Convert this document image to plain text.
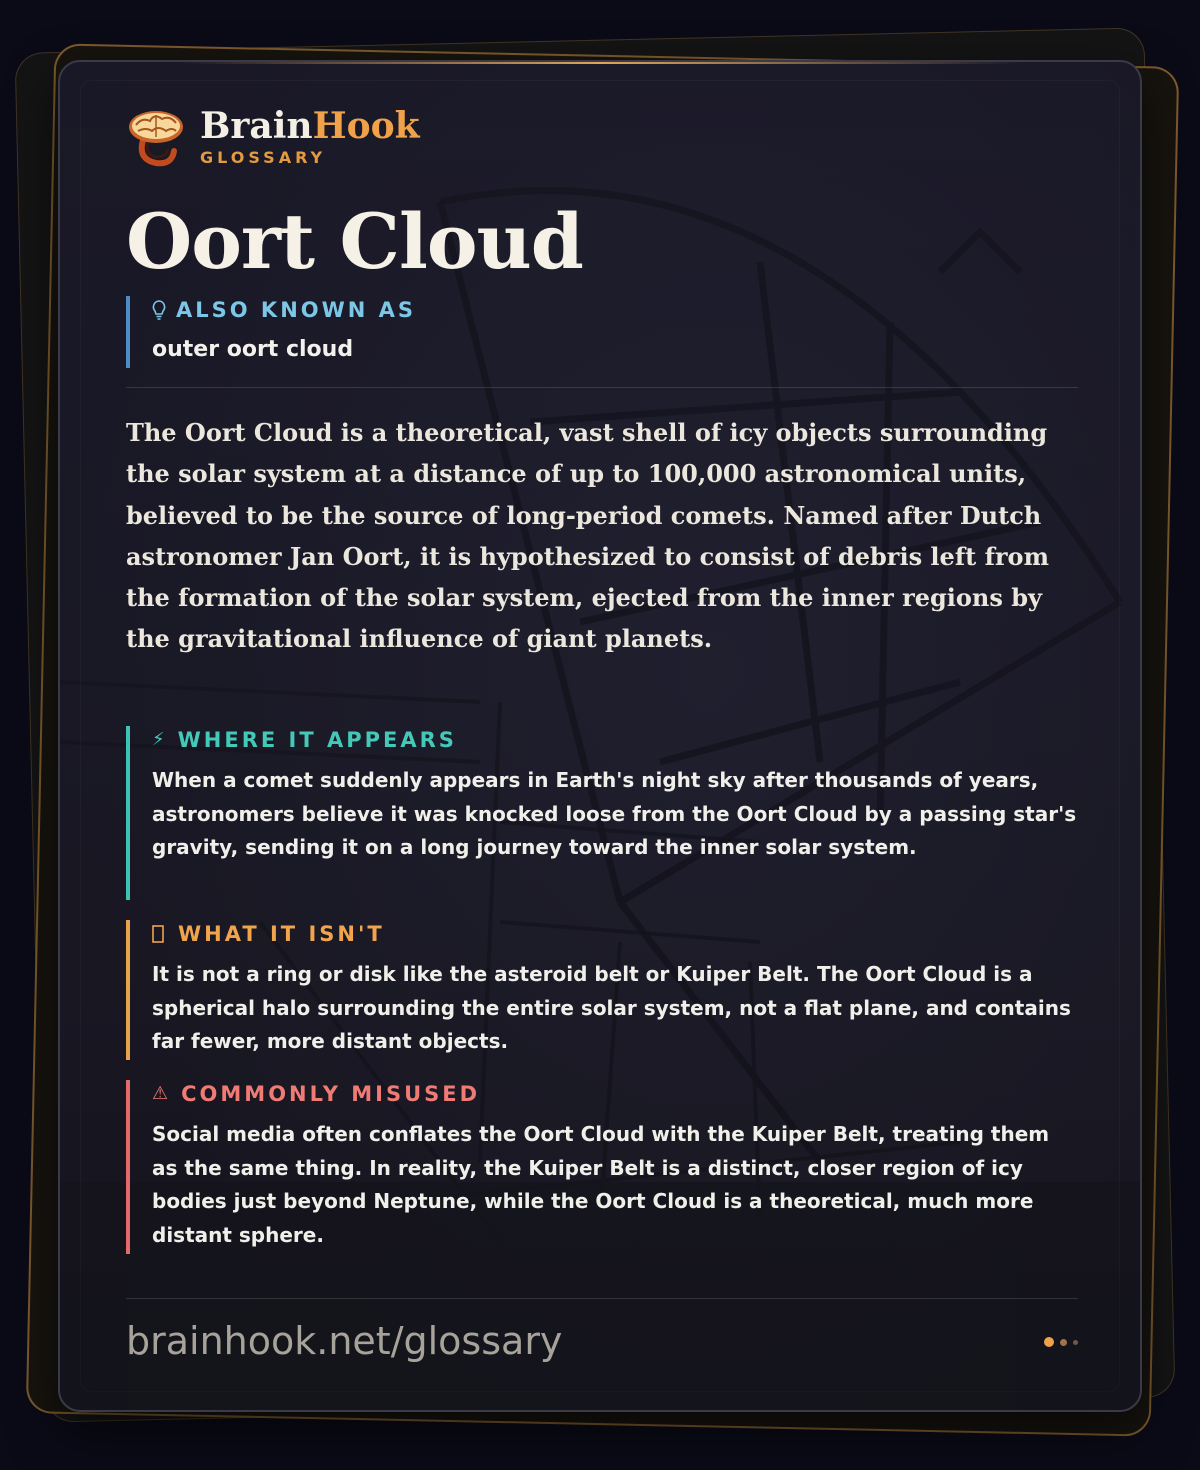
BrainHook
GLOSSARY
Oort Cloud
ALSO KNOWN AS
outer oort cloud

The Oort Cloud is a theoretical, vast shell of icy objects surrounding the solar system at a distance of up to 100,000 astronomical units, believed to be the source of long-period comets. Named after Dutch astronomer Jan Oort, it is hypothesized to consist of debris left from the formation of the solar system, ejected from the inner regions by the gravitational influence of giant planets.

⚡ WHERE IT APPEARS
When a comet suddenly appears in Earth's night sky after thousands of years, astronomers believe it was knocked loose from the Oort Cloud by a passing star's gravity, sending it on a long journey toward the inner solar system.
WHAT IT ISN'T
It is not a ring or disk like the asteroid belt or Kuiper Belt. The Oort Cloud is a spherical halo surrounding the entire solar system, not a flat plane, and contains far fewer, more distant objects.
⚠ COMMONLY MISUSED
Social media often conflates the Oort Cloud with the Kuiper Belt, treating them as the same thing. In reality, the Kuiper Belt is a distinct, closer region of icy bodies just beyond Neptune, while the Oort Cloud is a theoretical, much more distant sphere.
brainhook.net/glossary
